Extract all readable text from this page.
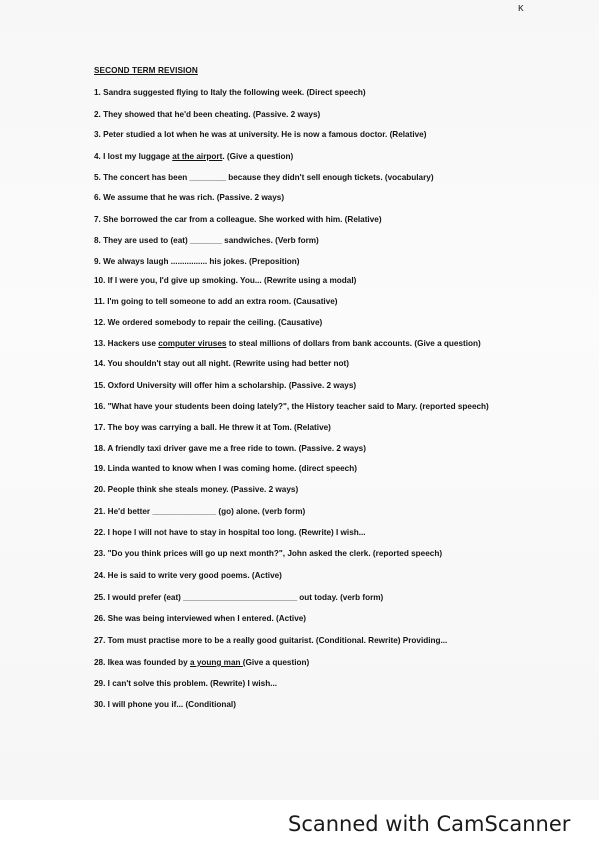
κ
SECOND TERM REVISION
1. Sandra suggested flying to Italy the following week. (Direct speech)
2. They showed that he'd been cheating. (Passive. 2 ways)
3. Peter studied a lot when he was at university. He is now a famous doctor. (Relative)
4. I lost my luggage at the airport. (Give a question)
5. The concert has been ________ because they didn't sell enough tickets. (vocabulary)
6. We assume that he was rich. (Passive. 2 ways)
7. She borrowed the car from a colleague. She worked with him. (Relative)
8. They are used to (eat) _______ sandwiches. (Verb form)
9. We always laugh ................ his jokes. (Preposition)
10. If I were you, I'd give up smoking. You... (Rewrite using a modal)
11. I'm going to tell someone to add an extra room. (Causative)
12. We ordered somebody to repair the ceiling. (Causative)
13. Hackers use computer viruses to steal millions of dollars from bank accounts. (Give a question)
14. You shouldn't stay out all night. (Rewrite using had better not)
15. Oxford University will offer him a scholarship. (Passive. 2 ways)
16. "What have your students been doing lately?", the History teacher said to Mary. (reported speech)
17. The boy was carrying a ball. He threw it at Tom. (Relative)
18. A friendly taxi driver gave me a free ride to town. (Passive. 2 ways)
19. Linda wanted to know when I was coming home. (direct speech)
20. People think she steals money. (Passive. 2 ways)
21. He'd better ______________ (go) alone. (verb form)
22. I hope I will not have to stay in hospital too long. (Rewrite) I wish...
23. "Do you think prices will go up next month?", John asked the clerk. (reported speech)
24. He is said to write very good poems. (Active)
25. I would prefer (eat) _________________________ out today. (verb form)
26. She was being interviewed when I entered. (Active)
27. Tom must practise more to be a really good guitarist. (Conditional. Rewrite) Providing...
28. Ikea was founded by a young man (Give a question)
29. I can't solve this problem. (Rewrite) I wish...
30. I will phone you if... (Conditional)
Scanned with CamScanner
